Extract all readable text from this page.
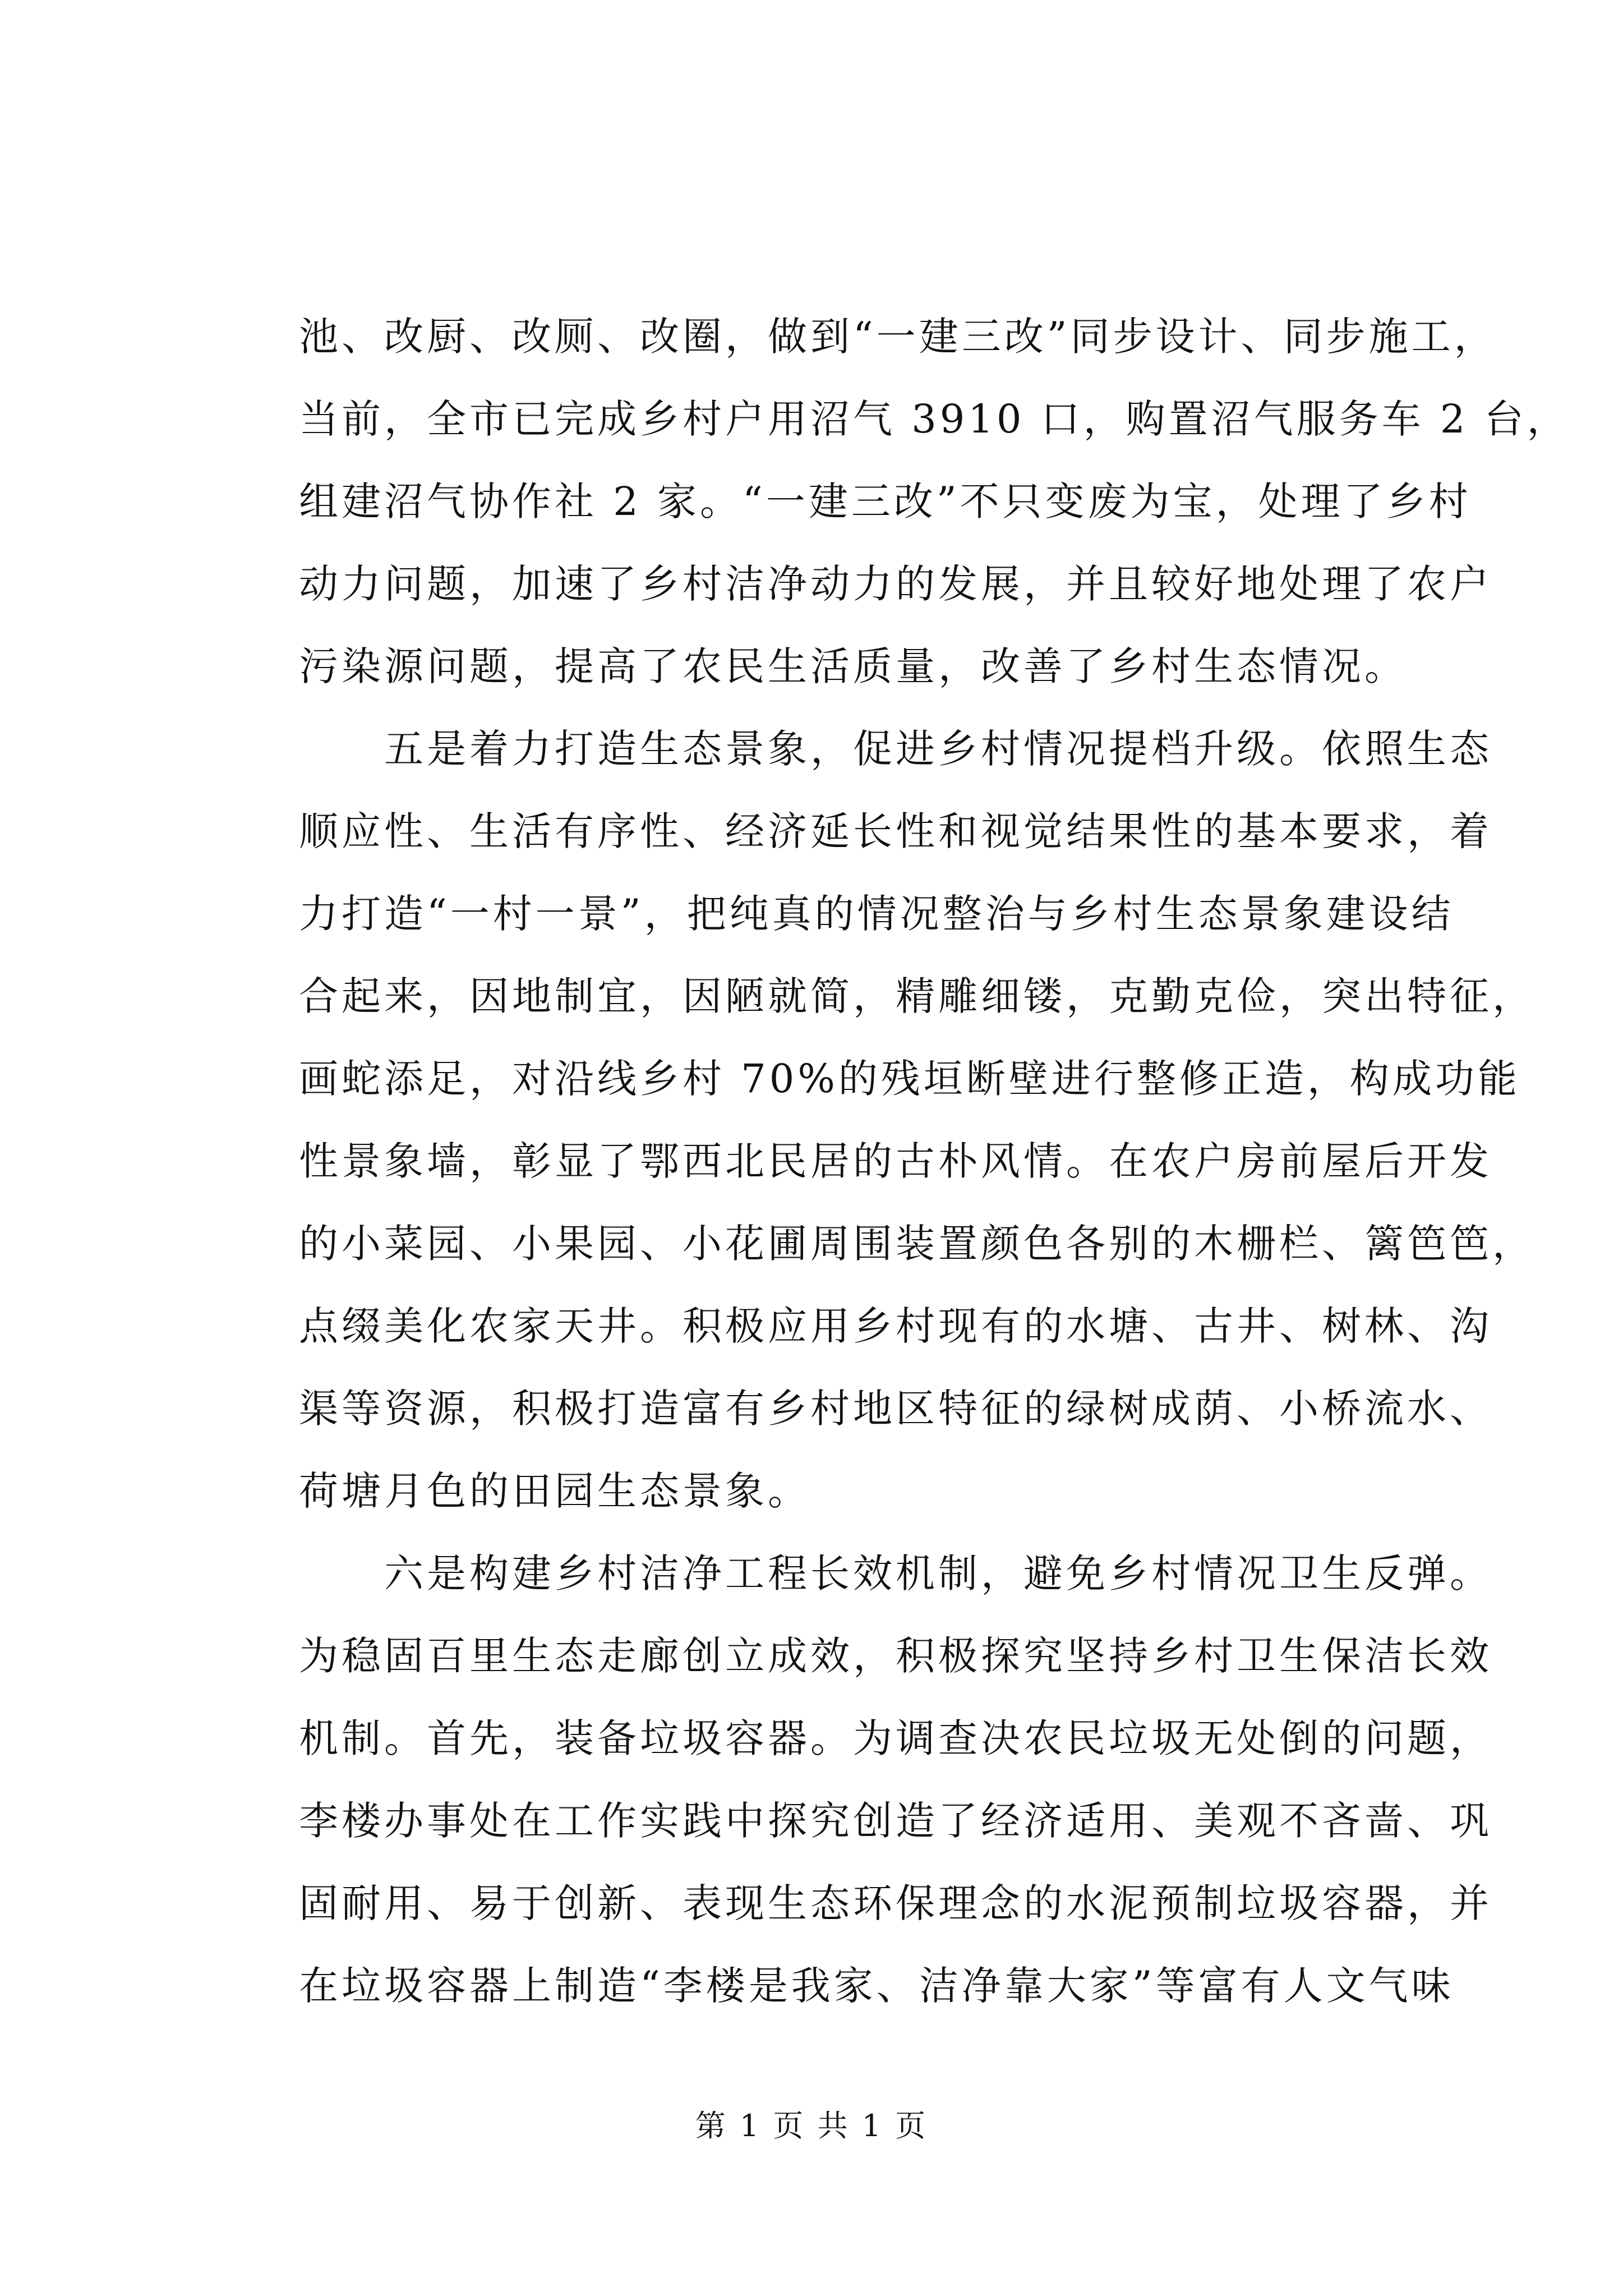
池、改厨、改厕、改圈，做到“一建三改”同步设计、同步施工，
当前，全市已完成乡村户用沼气 3910 口，购置沼气服务车 2 台，
组建沼气协作社 2 家。“一建三改”不只变废为宝，处理了乡村
动力问题，加速了乡村洁净动力的发展，并且较好地处理了农户
污染源问题，提高了农民生活质量，改善了乡村生态情况。
　　五是着力打造生态景象，促进乡村情况提档升级。依照生态
顺应性、生活有序性、经济延长性和视觉结果性的基本要求，着
力打造“一村一景”，把纯真的情况整治与乡村生态景象建设结
合起来，因地制宜，因陋就简，精雕细镂，克勤克俭，突出特征，
画蛇添足，对沿线乡村 70%的残垣断壁进行整修正造，构成功能
性景象墙，彰显了鄂西北民居的古朴风情。在农户房前屋后开发
的小菜园、小果园、小花圃周围装置颜色各别的木栅栏、篱笆笆，
点缀美化农家天井。积极应用乡村现有的水塘、古井、树林、沟
渠等资源，积极打造富有乡村地区特征的绿树成荫、小桥流水、
荷塘月色的田园生态景象。
　　六是构建乡村洁净工程长效机制，避免乡村情况卫生反弹。
为稳固百里生态走廊创立成效，积极探究坚持乡村卫生保洁长效
机制。首先，装备垃圾容器。为调查决农民垃圾无处倒的问题，
李楼办事处在工作实践中探究创造了经济适用、美观不吝啬、巩
固耐用、易于创新、表现生态环保理念的水泥预制垃圾容器，并
在垃圾容器上制造“李楼是我家、洁净靠大家”等富有人文气味
第 1 页 共 1 页
